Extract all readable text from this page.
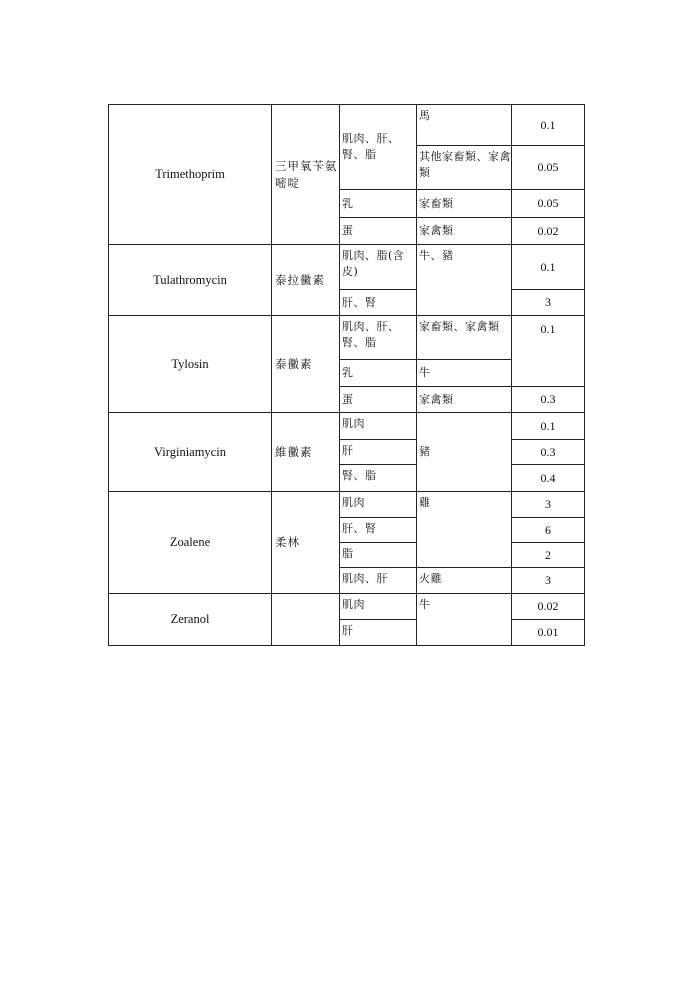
Trimethoprim	三甲氧苄氨嘧啶	肌肉、肝、腎、脂	馬	0.1
			其他家畜類、家禽類	0.05
		乳	家畜類	0.05
		蛋	家禽類	0.02
Tulathromycin	泰拉黴素	肌肉、脂(含皮)	牛、豬	0.1
		肝、腎		3
Tylosin	泰黴素	肌肉、肝、腎、脂	家畜類、家禽類	0.1
		乳	牛	
		蛋	家禽類	0.3
Virginiamycin	維黴素	肌肉	豬	0.1
		肝		0.3
		腎、脂		0.4
Zoalene	柔林	肌肉	雞	3
		肝、腎		6
		脂		2
		肌肉、肝	火雞	3
Zeranol		肌肉	牛	0.02
		肝		0.01
